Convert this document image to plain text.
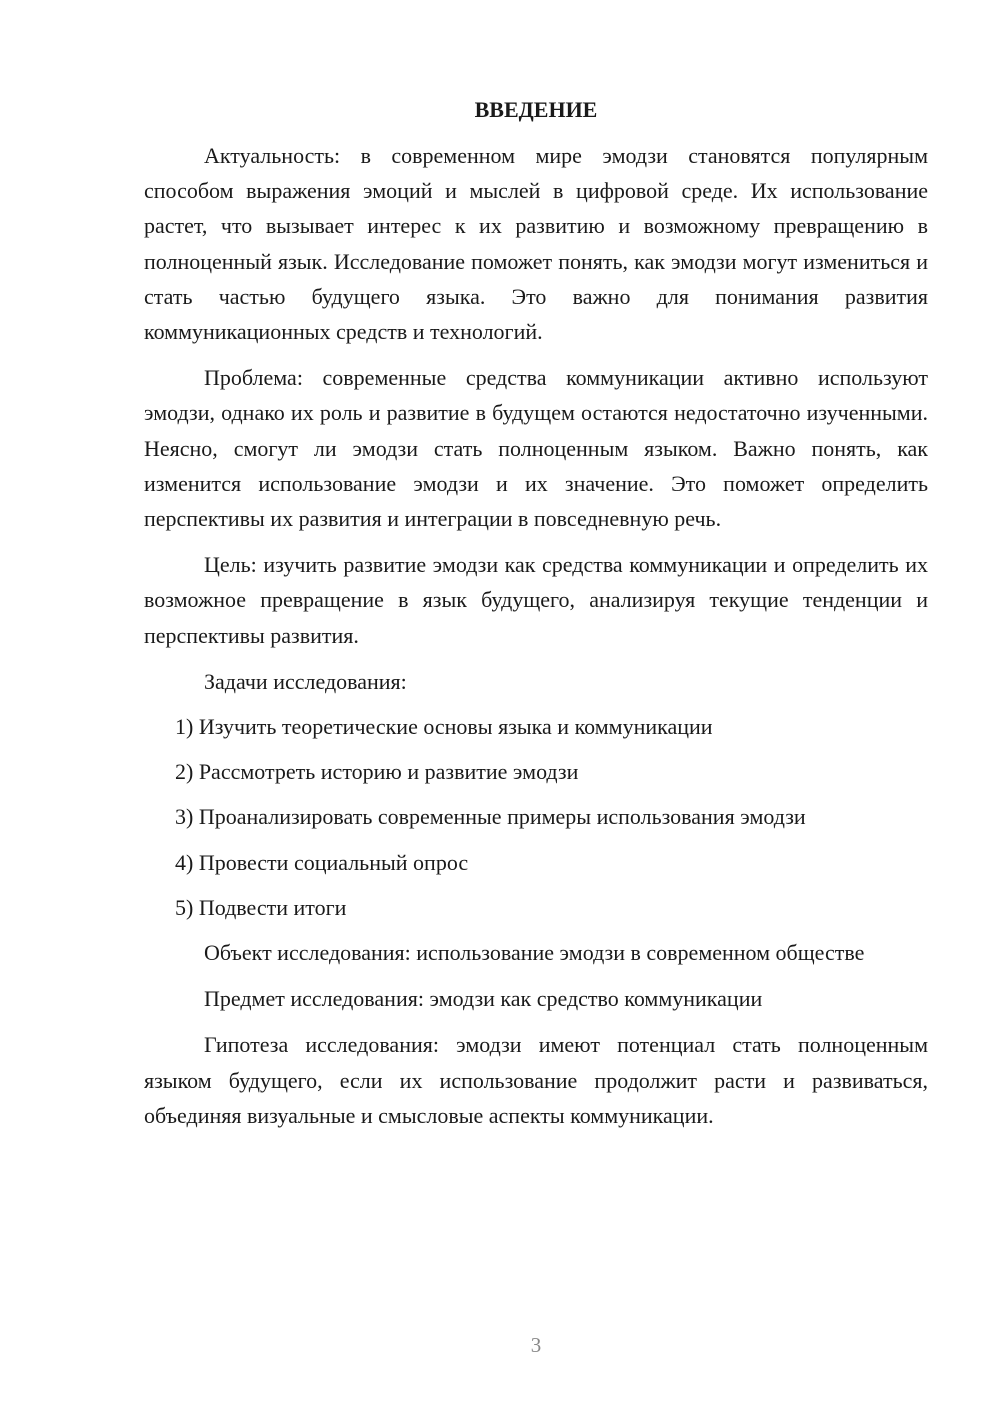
ВВЕДЕНИЕ

Актуальность: в современном мире эмодзи становятся популярным способом выражения эмоций и мыслей в цифровой среде. Их использование растет, что вызывает интерес к их развитию и возможному превращению в полноценный язык. Исследование поможет понять, как эмодзи могут измениться и стать частью будущего языка. Это важно для понимания развития коммуникационных средств и технологий.

Проблема: современные средства коммуникации активно используют эмодзи, однако их роль и развитие в будущем остаются недостаточно изученными. Неясно, смогут ли эмодзи стать полноценным языком. Важно понять, как изменится использование эмодзи и их значение. Это поможет определить перспективы их развития и интеграции в повседневную речь.

Цель: изучить развитие эмодзи как средства коммуникации и определить их возможное превращение в язык будущего, анализируя текущие тенденции и перспективы развития.

Задачи исследования:

1) Изучить теоретические основы языка и коммуникации
2) Рассмотреть историю и развитие эмодзи
3) Проанализировать современные примеры использования эмодзи
4) Провести социальный опрос
5) Подвести итоги

Объект исследования: использование эмодзи в современном обществе

Предмет исследования: эмодзи как средство коммуникации

Гипотеза исследования: эмодзи имеют потенциал стать полноценным языком будущего, если их использование продолжит расти и развиваться, объединяя визуальные и смысловые аспекты коммуникации.

3
